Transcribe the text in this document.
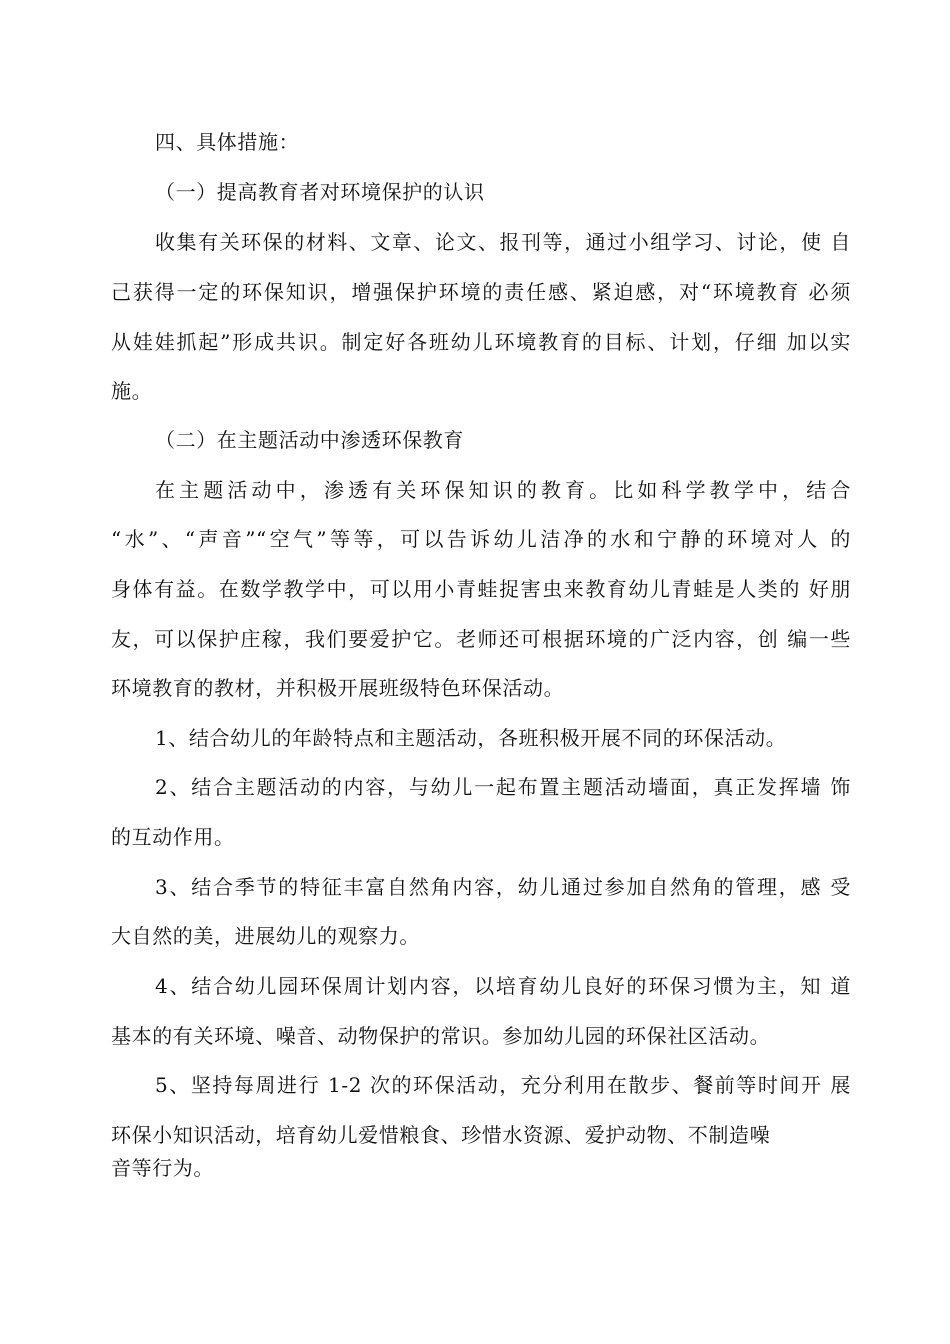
四、具体措施：
（一）提高教育者对环境保护的认识
收集有关环保的材料、文章、论文、报刊等，通过小组学习、讨论，使 自
己获得一定的环保知识，增强保护环境的责任感、紧迫感，对“环境教育 必须
从娃娃抓起”形成共识。制定好各班幼儿环境教育的目标、计划，仔细 加以实
施。
（二）在主题活动中渗透环保教育
在主题活动中，渗透有关环保知识的教育。比如科学教学中，结合
“水”、“声音”“空气”等等，可以告诉幼儿洁净的水和宁静的环境对人 的
身体有益。在数学教学中，可以用小青蛙捉害虫来教育幼儿青蛙是人类的 好朋
友，可以保护庄稼，我们要爱护它。老师还可根据环境的广泛内容，创 编一些
环境教育的教材，并积极开展班级特色环保活动。
1、结合幼儿的年龄特点和主题活动，各班积极开展不同的环保活动。
2、结合主题活动的内容，与幼儿一起布置主题活动墙面，真正发挥墙 饰
的互动作用。
3、结合季节的特征丰富自然角内容，幼儿通过参加自然角的管理，感 受
大自然的美，进展幼儿的观察力。
4、结合幼儿园环保周计划内容，以培育幼儿良好的环保习惯为主，知 道
基本的有关环境、噪音、动物保护的常识。参加幼儿园的环保社区活动。
5、坚持每周进行 1-2 次的环保活动，充分利用在散步、餐前等时间开 展
环保小知识活动，培育幼儿爱惜粮食、珍惜水资源、爱护动物、不制造噪
音等行为。
